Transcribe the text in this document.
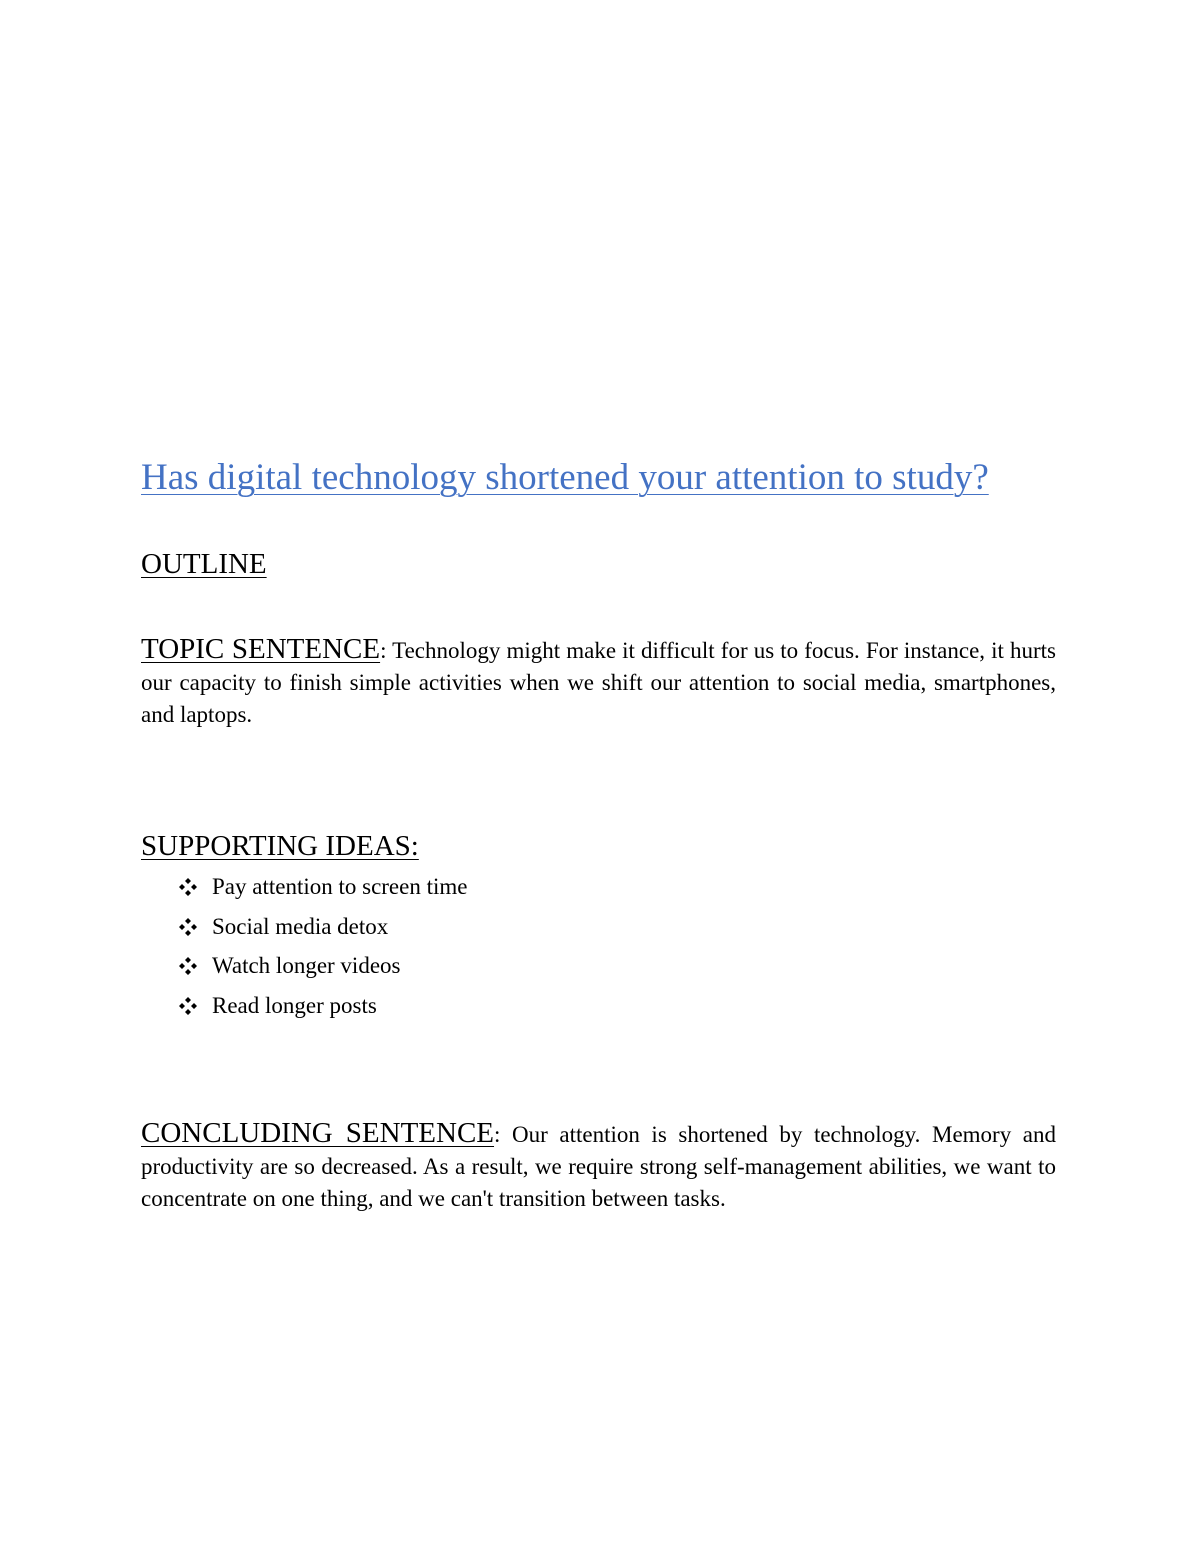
Has digital technology shortened your attention to study?
OUTLINE
TOPIC SENTENCE: Technology might make it difficult for us to focus. For instance, it hurts our capacity to finish simple activities when we shift our attention to social media, smartphones, and laptops.
SUPPORTING IDEAS:
Pay attention to screen time
Social media detox
Watch longer videos
Read longer posts
CONCLUDING SENTENCE: Our attention is shortened by technology. Memory and productivity are so decreased. As a result, we require strong self-management abilities, we want to concentrate on one thing, and we can't transition between tasks.
